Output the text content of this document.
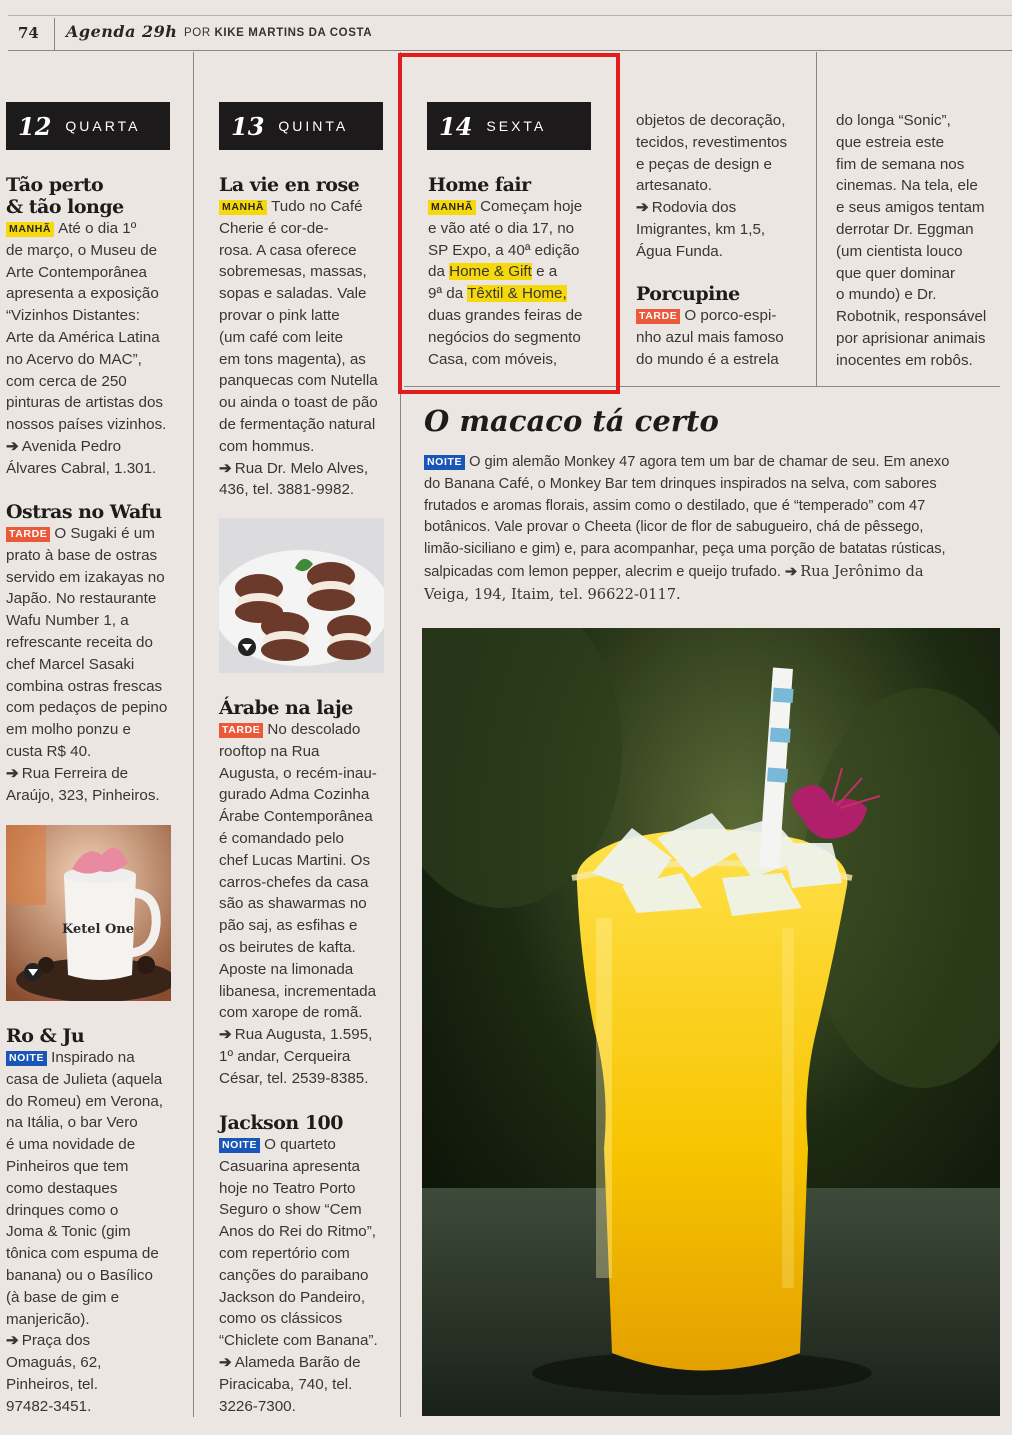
74 Agenda 29h POR KIKE MARTINS DA COSTA
12 QUARTA	13 QUINTA	14 SEXTA
Tão perto
& tão longe

MANHÃ Até o dia 1º
de março, o Museu de
Arte Contemporânea
apresenta a exposição
“Vizinhos Distantes:
Arte da América Latina
no Acervo do MAC”,
com cerca de 250
pinturas de artistas dos
nossos países vizinhos.
➔ Avenida Pedro
Álvares Cabral, 1.301.

Ostras no Wafu

TARDE O Sugaki é um
prato à base de ostras
servido em izakayas no
Japão. No restaurante
Wafu Number 1, a
refrescante receita do
chef Marcel Sasaki
combina ostras frescas
com pedaços de pepino
em molho ponzu e
custa R$ 40.
➔ Rua Ferreira de
Araújo, 323, Pinheiros.

Ketel One
Ro & Ju

NOITE Inspirado na
casa de Julieta (aquela
do Romeu) em Verona,
na Itália, o bar Vero
é uma novidade de
Pinheiros que tem
como destaques
drinques como o
Joma & Tonic (gim
tônica com espuma de
banana) ou o Basílico
(à base de gim e
manjericão).
➔ Praça dos
Omaguás, 62,
Pinheiros, tel.
97482-3451.

La vie en rose

MANHÃ Tudo no Café
Cherie é cor-de-
rosa. A casa oferece
sobremesas, massas,
sopas e saladas. Vale
provar o pink latte
(um café com leite
em tons magenta), as
panquecas com Nutella
ou ainda o toast de pão
de fermentação natural
com hommus.
➔ Rua Dr. Melo Alves,
436, tel. 3881-9982.

Árabe na laje

TARDE No descolado
rooftop na Rua
Augusta, o recém-inau-
gurado Adma Cozinha
Árabe Contemporânea
é comandado pelo
chef Lucas Martini. Os
carros-chefes da casa
são as shawarmas no
pão saj, as esfihas e
os beirutes de kafta.
Aposte na limonada
libanesa, incrementada
com xarope de romã.
➔ Rua Augusta, 1.595,
1º andar, Cerqueira
César, tel. 2539-8385.

Jackson 100

NOITE O quarteto
Casuarina apresenta
hoje no Teatro Porto
Seguro o show “Cem
Anos do Rei do Ritmo”,
com repertório com
canções do paraibano
Jackson do Pandeiro,
como os clássicos
“Chiclete com Banana”.
➔ Alameda Barão de
Piracicaba, 740, tel.
3226-7300.

Home fair

MANHÃ Começam hoje
e vão até o dia 17, no
SP Expo, a 40ª edição
da Home & Gift e a
9ª da Têxtil & Home,
duas grandes feiras de
negócios do segmento
Casa, com móveis,

objetos de decoração,
tecidos, revestimentos
e peças de design e
artesanato.
➔ Rodovia dos
Imigrantes, km 1,5,
Água Funda.

Porcupine

TARDE O porco-espi-
nho azul mais famoso
do mundo é a estrela

do longa “Sonic”,
que estreia este
fim de semana nos
cinemas. Na tela, ele
e seus amigos tentam
derrotar Dr. Eggman
(um cientista louco
que quer dominar
o mundo) e Dr.
Robotnik, responsável
por aprisionar animais
inocentes em robôs.

O macaco tá certo

NOITE O gim alemão Monkey 47 agora tem um bar de chamar de seu. Em anexo
do Banana Café, o Monkey Bar tem drinques inspirados na selva, com sabores
frutados e aromas florais, assim como o destilado, que é “temperado” com 47
botânicos. Vale provar o Cheeta (licor de flor de sabugueiro, chá de pêssego,
limão-siciliano e gim) e, para acompanhar, peça uma porção de batatas rústicas,
salpicadas com lemon pepper, alecrim e queijo trufado. ➔ Rua Jerônimo da
Veiga, 194, Itaim, tel. 96622-0117.
